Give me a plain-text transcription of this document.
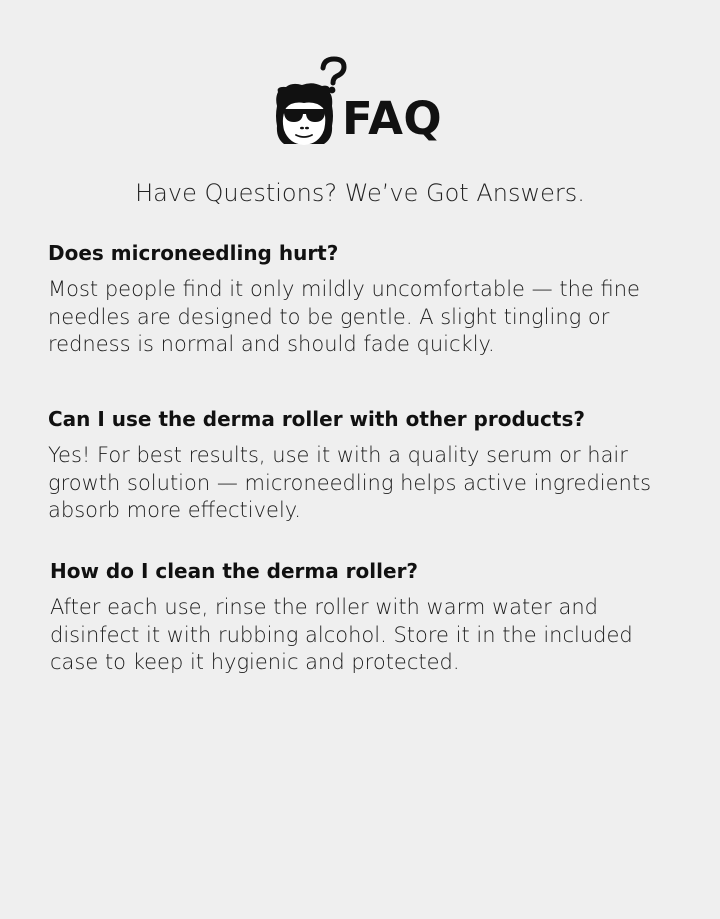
FAQ
Have Questions? We’ve Got Answers.
Does microneedling hurt?

Most people find it only mildly uncomfortable — the fine needles are designed to be gentle. A slight tingling or redness is normal and should fade quickly.

Can I use the derma roller with other products?

Yes! For best results, use it with a quality serum or hair growth solution — microneedling helps active ingredients absorb more effectively.

How do I clean the derma roller?

After each use, rinse the roller with warm water and disinfect it with rubbing alcohol. Store it in the included case to keep it hygienic and protected.
